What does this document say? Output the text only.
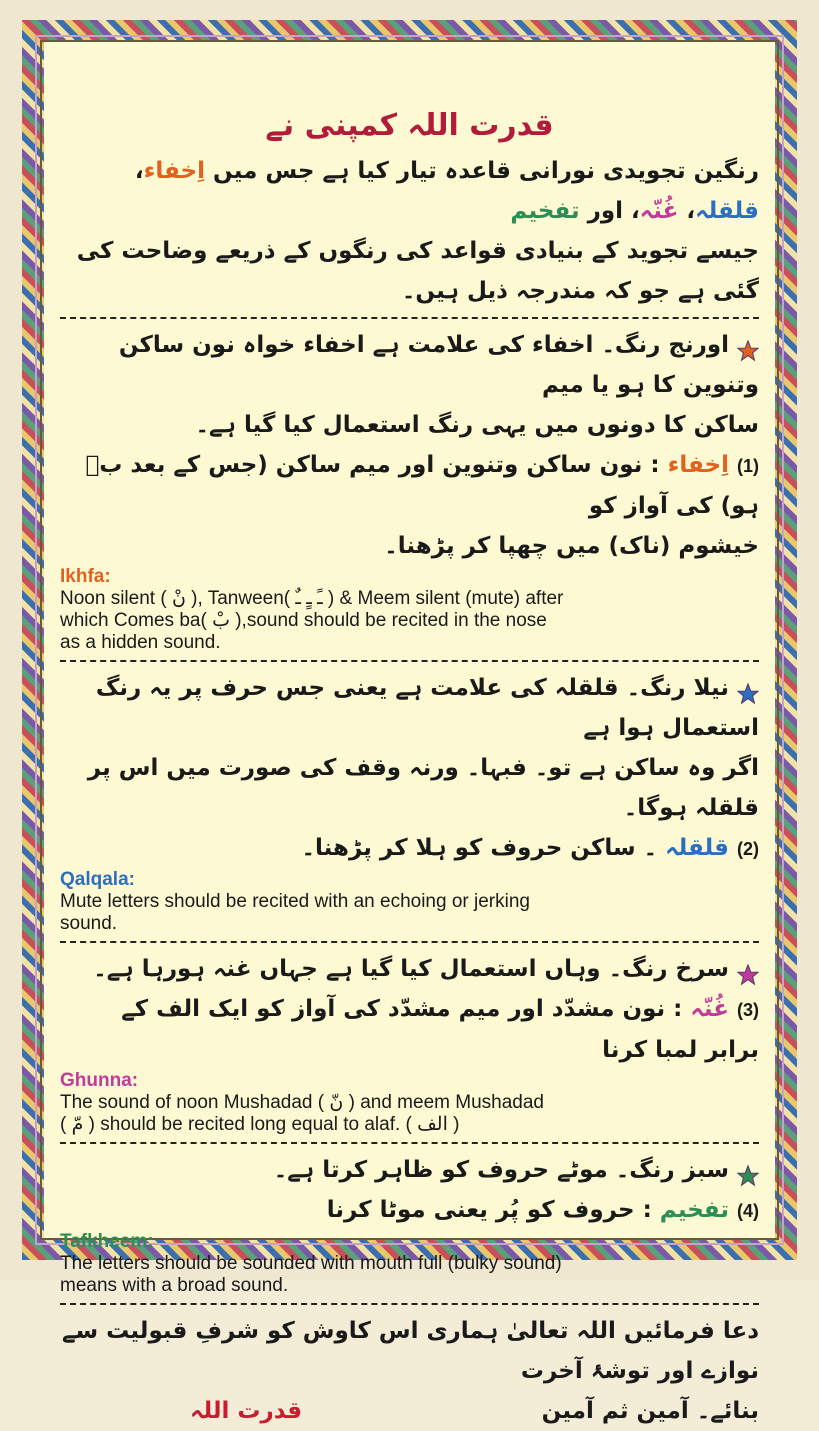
قدرت اللہ کمپنی نے

رنگین تجویدی نورانی قاعدہ تیار کیا ہے جس میں اِخفاء، قلقلہ، غُنّہ، اور تفخیم

جیسے تجوید کے بنیادی قواعد کی رنگوں کے ذریعے وضاحت کی گئی ہے جو کہ مندرجہ ذیل ہیں۔

اورنج رنگ۔ اخفاء کی علامت ہے اخفاء خواہ نون ساکن وتنوین کا ہو یا میم

ساکن کا دونوں میں یہی رنگ استعمال کیا گیا ہے۔

(1)اِخفاء : نون ساکن وتنوین اور میم ساکن (جس کے بعد بؔ ہو) کی آواز کو

خیشوم (ناک) میں چھپا کر پڑھنا۔

Ikhfa:

Noon silent ( نْ ), Tanween( ـً ـٍ ـٌ ) & Meem silent (mute) after

which Comes ba( بْ ),sound should be recited in the nose

as a hidden sound.

نیلا رنگ۔ قلقلہ کی علامت ہے یعنی جس حرف پر یہ رنگ استعمال ہوا ہے

اگر وہ ساکن ہے تو۔ فبہا۔ ورنہ وقف کی صورت میں اس پر قلقلہ ہوگا۔

(2)قلقلہ ۔ ساکن حروف کو ہلا کر پڑھنا۔

Qalqala:

Mute letters should be recited with an echoing or jerking

sound.

سرخ رنگ۔ وہاں استعمال کیا گیا ہے جہاں غنہ ہورہا ہے۔

(3)غُنّہ : نون مشدّد اور میم مشدّد کی آواز کو ایک الف کے برابر لمبا کرنا

Ghunna:

The sound of noon Mushadad ( نّ ) and meem Mushadad

( مّ ) should be recited long equal to alaf. ( الف )

سبز رنگ۔ موٹے حروف کو ظاہر کرتا ہے۔

(4)تفخیم : حروف کو پُر یعنی موٹا کرنا

Tafkheem:

The letters should be sounded with mouth full (bulky sound)

means with a broad sound.

دعا فرمائیں اللہ تعالیٰ ہماری اس کاوش کو شرفِ قبولیت سے نوازے اور توشۂ آخرت

بنائے۔ آمین ثم آمین

قدرت اللہ
